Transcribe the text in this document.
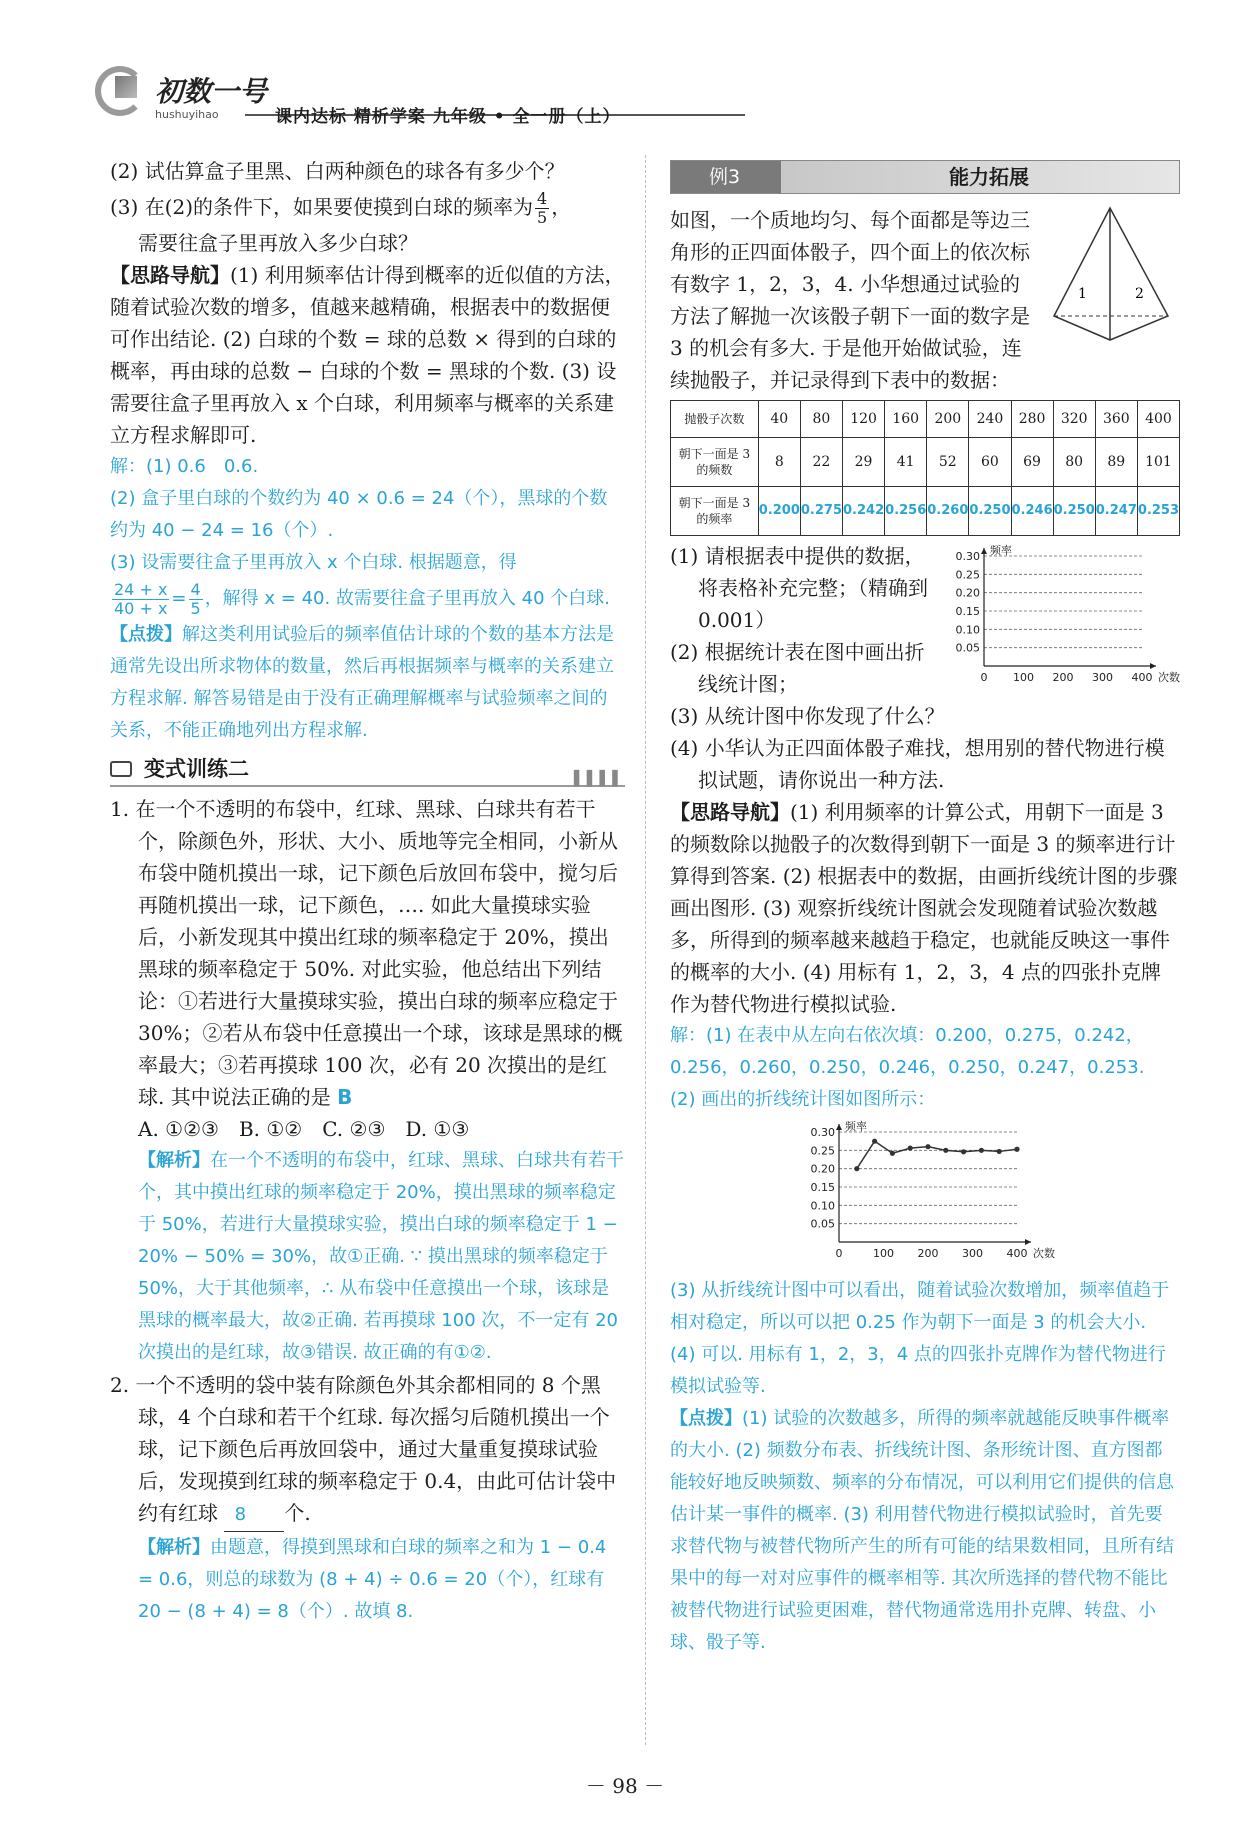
初数一号
hushuyihao	课内达标 精析学案 九年级 • 全一册（上）

(2) 试估算盒子里黑、白两种颜色的球各有多少个？

(3) 在(2)的条件下，如果要使摸到白球的频率为 $\frac{4}{5}$ ，

需要往盒子里再放入多少白球？

【思路导航】(1) 利用频率估计得到概率的近似值的方法，随着试验次数的增多，值越来越精确，根据表中的数据便可作出结论. (2) 白球的个数 = 球的总数 × 得到的白球的概率，再由球的总数 − 白球的个数 = 黑球的个数. (3) 设需要往盒子里再放入 x 个白球，利用频率与概率的关系建立方程求解即可.

解：(1) 0.6　0.6.

(2) 盒子里白球的个数约为 40 × 0.6 = 24（个），黑球的个数约为 40 − 24 = 16（个）.

(3) 设需要往盒子里再放入 x 个白球. 根据题意，得

$\frac{24 + x}{40 + x} = \frac{4}{5}$ ，解得 x = 40. 故需要往盒子里再放入 40 个白球.

【点拨】解这类利用试验后的频率值估计球的个数的基本方法是通常先设出所求物体的数量，然后再根据频率与概率的关系建立方程求解. 解答易错是由于没有正确理解概率与试验频率之间的关系，不能正确地列出方程求解.

变式训练二	▌▌▌▌

1. 在一个不透明的布袋中，红球、黑球、白球共有若干个，除颜色外，形状、大小、质地等完全相同，小新从布袋中随机摸出一球，记下颜色后放回布袋中，搅匀后再随机摸出一球，记下颜色，…. 如此大量摸球实验后，小新发现其中摸出红球的频率稳定于 20%，摸出黑球的频率稳定于 50%. 对此实验，他总结出下列结论：①若进行大量摸球实验，摸出白球的频率应稳定于 30%；②若从布袋中任意摸出一个球，该球是黑球的概率最大；③若再摸球 100 次，必有 20 次摸出的是红球. 其中说法正确的是 B

A. ①②③　B. ①②　C. ②③　D. ①③

【解析】在一个不透明的布袋中，红球、黑球、白球共有若干个，其中摸出红球的频率稳定于 20%，摸出黑球的频率稳定于 50%，若进行大量摸球实验，摸出白球的频率稳定于 1 − 20% − 50% = 30%，故①正确. ∵ 摸出黑球的频率稳定于 50%，大于其他频率，∴ 从布袋中任意摸出一个球，该球是黑球的概率最大，故②正确. 若再摸球 100 次，不一定有 20 次摸出的是红球，故③错误. 故正确的有①②.

2. 一个不透明的袋中装有除颜色外其余都相同的 8 个黑球，4 个白球和若干个红球. 每次摇匀后随机摸出一个球，记下颜色后再放回袋中，通过大量重复摸球试验后，发现摸到红球的频率稳定于 0.4，由此可估计袋中约有红球 8 个.

【解析】由题意，得摸到黑球和白球的频率之和为 1 − 0.4 = 0.6，则总的球数为 (8 + 4) ÷ 0.6 = 20（个），红球有 20 − (8 + 4) = 8（个）. 故填 8.

例3	能力拓展
1	2

如图，一个质地均匀、每个面都是等边三角形的正四面体骰子，四个面上的依次标有数字 1，2，3，4. 小华想通过试验的方法了解抛一次该骰子朝下一面的数字是 3 的机会有多大. 于是他开始做试验，连续抛骰子，并记录得到下表中的数据：

抛骰子次数	40	80	120	160	200	240	280	320	360	400
朝下一面是 3 的频数	8	22	29	41	52	60	69	80	89	101
朝下一面是 3 的频率	0.200	0.275	0.242	0.256	0.260	0.250	0.246	0.250	0.247	0.253
0.05
0.10
0.15
0.20
0.25
0.30
0 100 200 300 400 次数
频率

(1) 请根据表中提供的数据，将表格补充完整；（精确到 0.001）

(2) 根据统计表在图中画出折线统计图；

(3) 从统计图中你发现了什么？

(4) 小华认为正四面体骰子难找，想用别的替代物进行模拟试题，请你说出一种方法.

【思路导航】(1) 利用频率的计算公式，用朝下一面是 3 的频数除以抛骰子的次数得到朝下一面是 3 的频率进行计算得到答案. (2) 根据表中的数据，由画折线统计图的步骤画出图形. (3) 观察折线统计图就会发现随着试验次数越多，所得到的频率越来越趋于稳定，也就能反映这一事件的概率的大小. (4) 用标有 1，2，3，4 点的四张扑克牌作为替代物进行模拟试验.

解：(1) 在表中从左向右依次填：0.200，0.275，0.242，0.256，0.260，0.250，0.246，0.250，0.247，0.253.

(2) 画出的折线统计图如图所示：

0.05
0.10
0.15
0.20
0.25
0.30
0	100 200 300 400 次数
频率

(3) 从折线统计图中可以看出，随着试验次数增加，频率值趋于相对稳定，所以可以把 0.25 作为朝下一面是 3 的机会大小.

(4) 可以. 用标有 1，2，3，4 点的四张扑克牌作为替代物进行模拟试验等.

【点拨】(1) 试验的次数越多，所得的频率就越能反映事件概率的大小. (2) 频数分布表、折线统计图、条形统计图、直方图都能较好地反映频数、频率的分布情况，可以利用它们提供的信息估计某一事件的概率. (3) 利用替代物进行模拟试验时，首先要求替代物与被替代物所产生的所有可能的结果数相同，且所有结果中的每一对对应事件的概率相等. 其次所选择的替代物不能比被替代物进行试验更困难，替代物通常选用扑克牌、转盘、小球、骰子等.

－ 98 －
